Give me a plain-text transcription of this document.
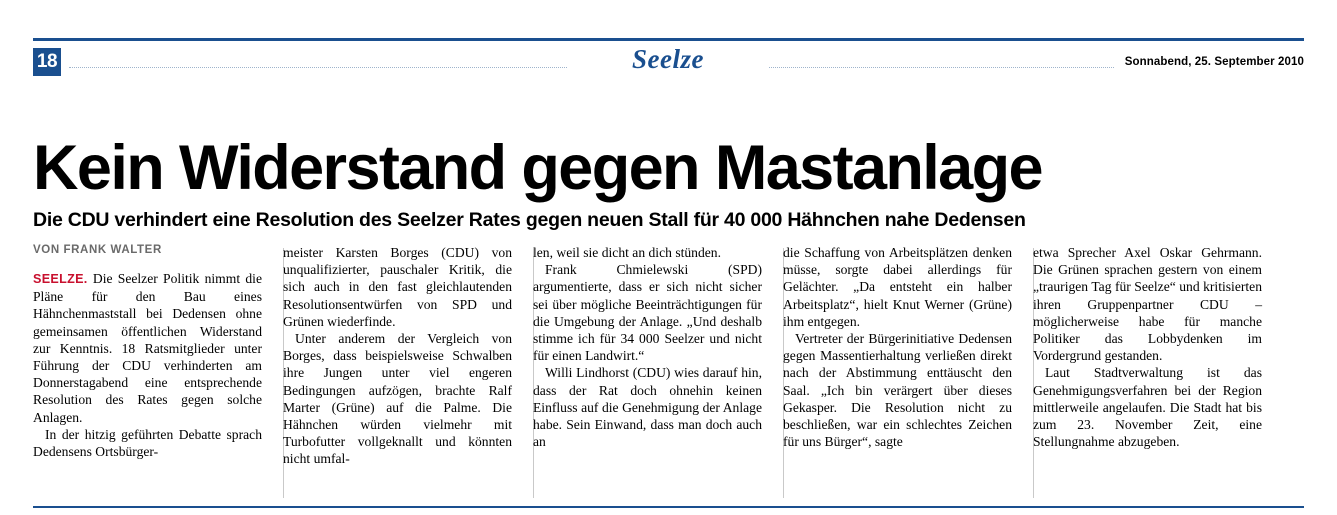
18	Seelze	Sonnabend, 25. September 2010
Kein Widerstand gegen Mastanlage
Die CDU verhindert eine Resolution des Seelzer Rates gegen neuen Stall für 40 000 Hähnchen nahe Dedensen
VON FRANK WALTER

SEELZE. Die Seelzer Politik nimmt die Pläne für den Bau eines Hähnchenmaststall bei Dedensen ohne gemeinsamen öffentlichen Widerstand zur Kenntnis. 18 Ratsmitglieder unter Führung der CDU verhinderten am Donnerstagabend eine entsprechende Resolution des Rates gegen solche Anlagen.

In der hitzig geführten Debatte sprach Dedensens Ortsbürger-

meister Karsten Borges (CDU) von unqualifizierter, pauschaler Kritik, die sich auch in den fast gleichlautenden Resolutionsentwürfen von SPD und Grünen wiederfinde.

Unter anderem der Vergleich von Borges, dass beispielsweise Schwalben ihre Jungen unter viel engeren Bedingungen aufzögen, brachte Ralf Marter (Grüne) auf die Palme. Die Hähnchen würden vielmehr mit Turbofutter vollgeknallt und könnten nicht umfal-

len, weil sie dicht an dich stünden.

Frank Chmielewski (SPD) argumentierte, dass er sich nicht sicher sei über mögliche Beeinträchtigungen für die Umgebung der Anlage. „Und deshalb stimme ich für 34 000 Seelzer und nicht für einen Landwirt.“

Willi Lindhorst (CDU) wies darauf hin, dass der Rat doch ohnehin keinen Einfluss auf die Genehmigung der Anlage habe. Sein Einwand, dass man doch auch an

die Schaffung von Arbeitsplätzen denken müsse, sorgte dabei allerdings für Gelächter. „Da entsteht ein halber Arbeitsplatz“, hielt Knut Werner (Grüne) ihm entgegen.

Vertreter der Bürgerinitiative Dedensen gegen Massentierhaltung verließen direkt nach der Abstimmung enttäuscht den Saal. „Ich bin verärgert über dieses Gekasper. Die Resolution nicht zu beschließen, war ein schlechtes Zeichen für uns Bürger“, sagte

etwa Sprecher Axel Oskar Gehrmann. Die Grünen sprachen gestern von einem „traurigen Tag für Seelze“ und kritisierten ihren Gruppenpartner CDU – möglicherweise habe für manche Politiker das Lobbydenken im Vordergrund gestanden.

Laut Stadtverwaltung ist das Genehmigungsverfahren bei der Region mittlerweile angelaufen. Die Stadt hat bis zum 23. November Zeit, eine Stellungnahme abzugeben.
